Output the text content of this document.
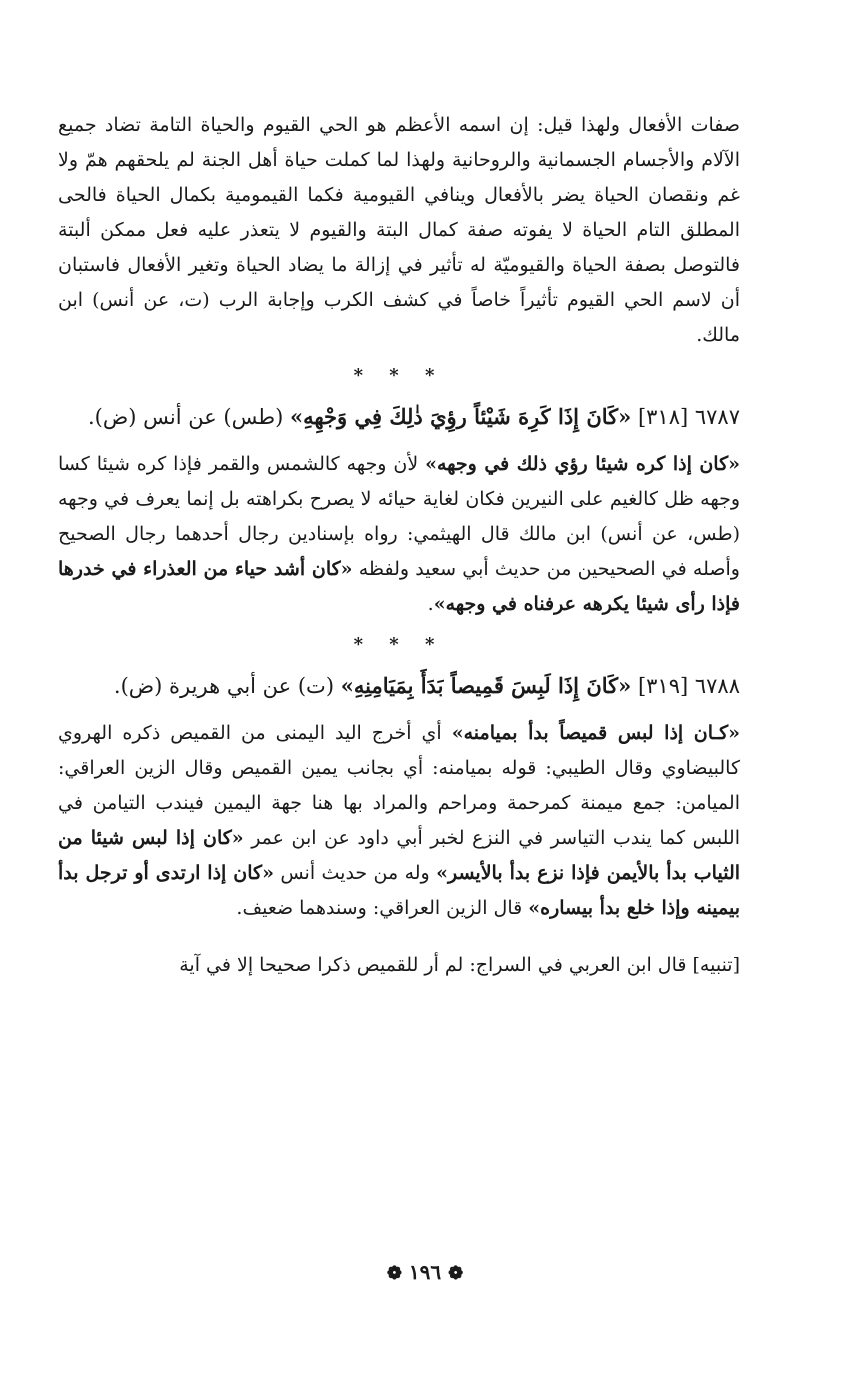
صفات الأفعال ولهذا قيل: إن اسمه الأعظم هو الحي القيوم والحياة التامة تضاد جميع الآلام والأجسام الجسمانية والروحانية ولهذا لما كملت حياة أهل الجنة لم يلحقهم همّ ولا غم ونقصان الحياة يضر بالأفعال وينافي القيومية فكما القيمومية بكمال الحياة فالحى المطلق التام الحياة لا يفوته صفة كمال البتة والقيوم لا يتعذر عليه فعل ممكن ألبتة فالتوصل بصفة الحياة والقيوميّة له تأثير في إزالة ما يضاد الحياة وتغير الأفعال فاستبان أن لاسم الحي القيوم تأثيراً خاصاً في كشف الكرب وإجابة الرب (ت، عن أنس) ابن مالك.

* * *

٦٧٨٧ [٣١٨] «كَانَ إِذَا كَرِهَ شَيْئاً رؤِيَ ذٰلِكَ فِي وَجْهِهِ» (طس) عن أنس (ض).

«كان إذا كره شيئا رؤي ذلك في وجهه» لأن وجهه كالشمس والقمر فإذا كره شيئا كسا وجهه ظل كالغيم على النيرين فكان لغاية حيائه لا يصرح بكراهته بل إنما يعرف في وجهه (طس، عن أنس) ابن مالك قال الهيثمي: رواه بإسنادين رجال أحدهما رجال الصحيح وأصله في الصحيحين من حديث أبي سعيد ولفظه «كان أشد حياء من العذراء في خدرها فإذا رأى شيئا يكرهه عرفناه في وجهه».

* * *

٦٧٨٨ [٣١٩] «كَانَ إِذَا لَبِسَ قَمِيصاً بَدَأَ بِمَيَامِنِهِ» (ت) عن أبي هريرة (ض).

«كـان إذا لبس قميصاً بدأ بميامنه» أي أخرج اليد اليمنى من القميص ذكره الهروي كالبيضاوي وقال الطيبي: قوله بميامنه: أي بجانب يمين القميص وقال الزين العراقي: الميامن: جمع ميمنة كمرحمة ومراحم والمراد بها هنا جهة اليمين فيندب التيامن في اللبس كما يندب التياسر في النزع لخبر أبي داود عن ابن عمر «كان إذا لبس شيئا من الثياب بدأ بالأيمن فإذا نزع بدأ بالأيسر» وله من حديث أنس «كان إذا ارتدى أو ترجل بدأ بيمينه وإذا خلع بدأ بيساره» قال الزين العراقي: وسندهما ضعيف.

[تنبيه] قال ابن العربي في السراج: لم أر للقميص ذكرا صحيحا إلا في آية

❁ ١٩٦ ❁
